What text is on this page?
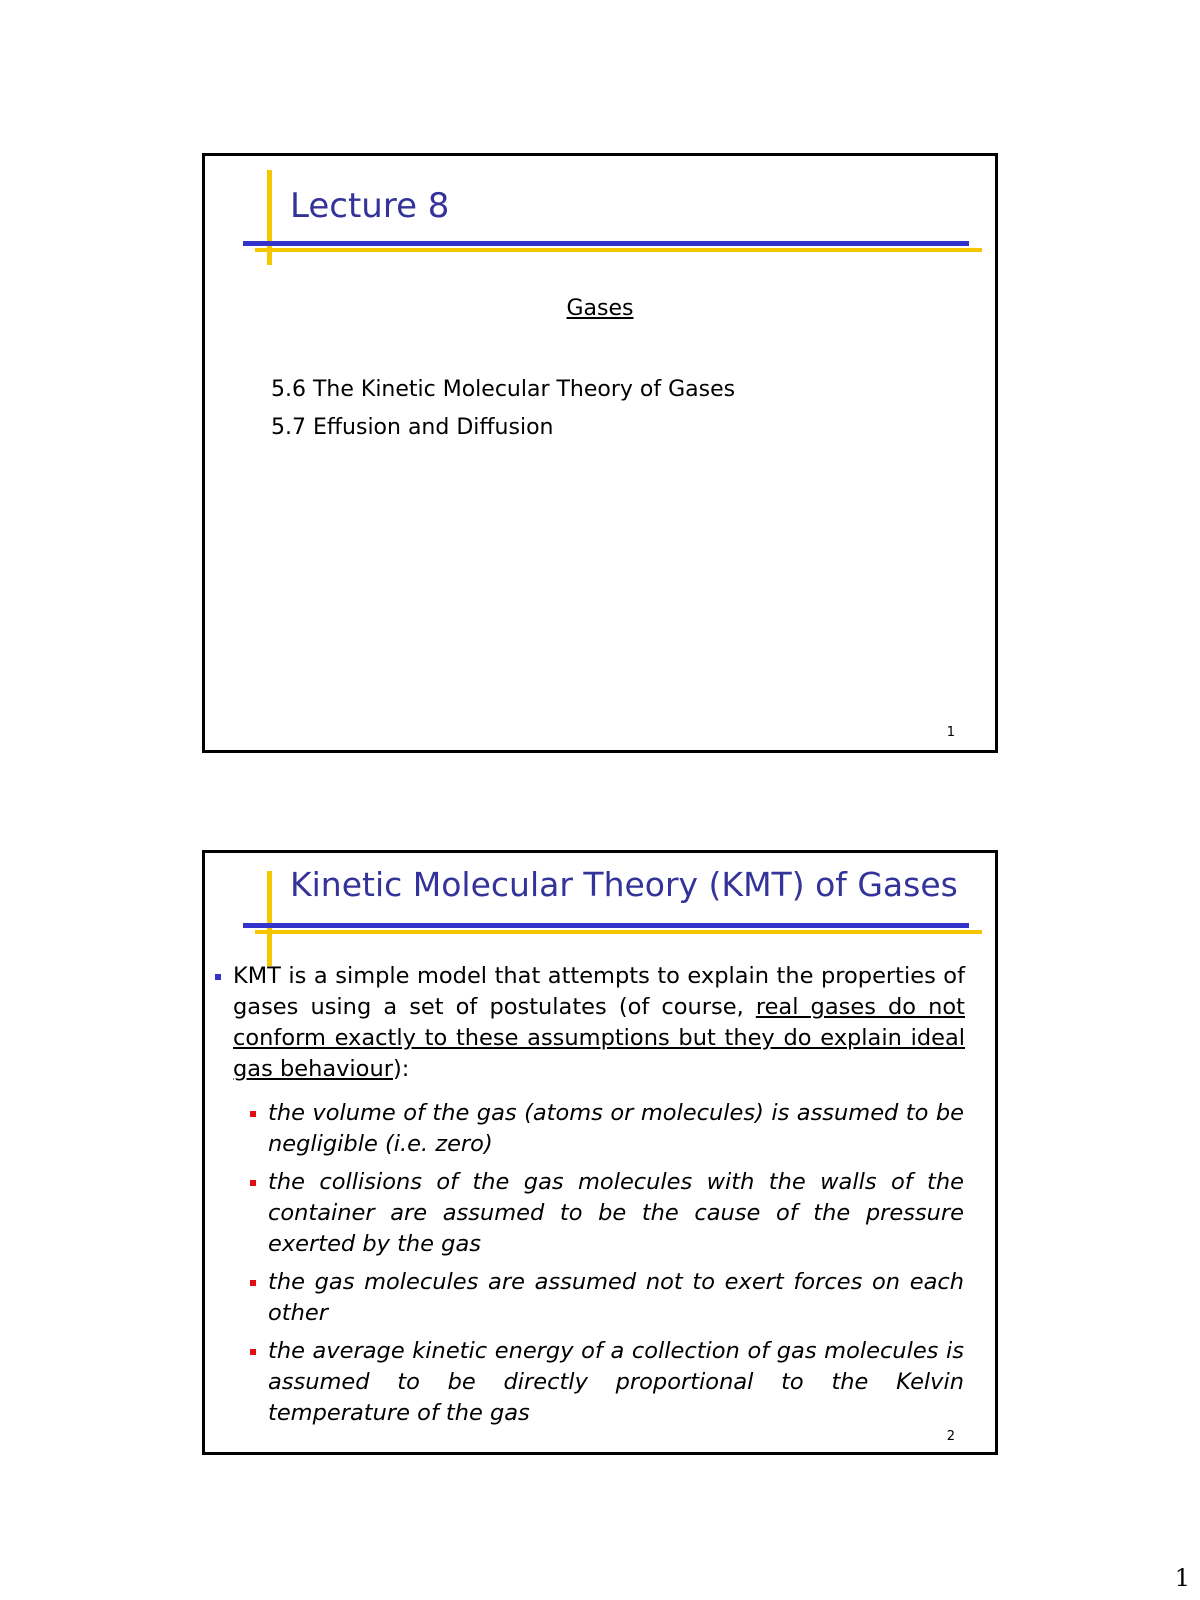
Lecture 8
Gases
5.6 The Kinetic Molecular Theory of Gases
5.7 Effusion and Diffusion
1
Kinetic Molecular Theory (KMT) of Gases
KMT is a simple model that attempts to explain the properties of gases using a set of postulates (of course, real gases do not conform exactly to these assumptions but they do explain ideal gas behaviour):
the volume of the gas (atoms or molecules) is assumed to be negligible (i.e. zero)
the collisions of the gas molecules with the walls of the container are assumed to be the cause of the pressure exerted by the gas
the gas molecules are assumed not to exert forces on each other
the average kinetic energy of a collection of gas molecules is assumed to be directly proportional to the Kelvin temperature of the gas
2
1
